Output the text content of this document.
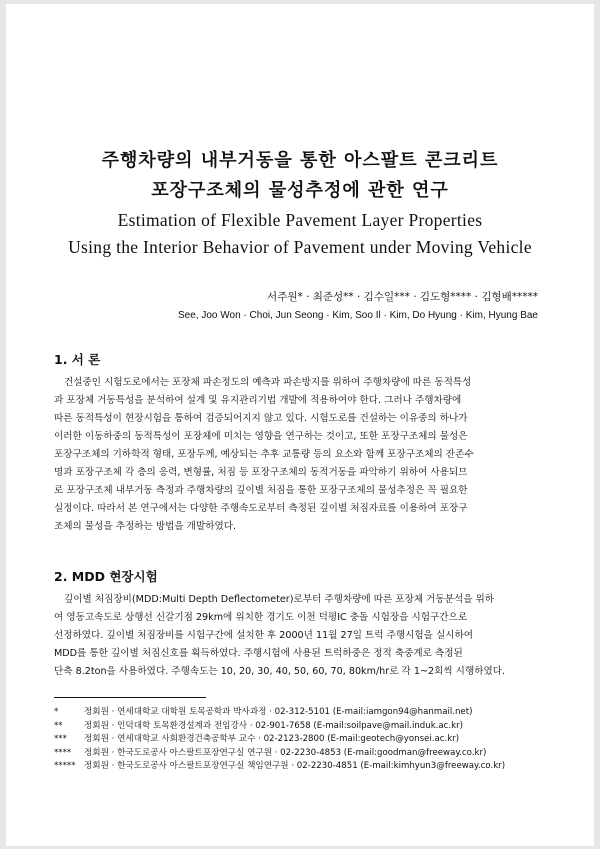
주행차량의 내부거동을 통한 아스팔트 콘크리트
포장구조체의 물성추정에 관한 연구
Estimation of Flexible Pavement Layer Properties
Using the Interior Behavior of Pavement under Moving Vehicle
서주원* · 최준성** · 김수일*** · 김도형**** · 김형배*****
See, Joo Won · Choi, Jun Seong · Kim, Soo Il · Kim, Do Hyung · Kim, Hyung Bae
1. 서 론

건설중인 시험도로에서는 포장체 파손정도의 예측과 파손방지를 위하여 주행차량에 따른 동적특성

과 포장체 거동특성을 분석하여 설계 및 유지관리기법 개발에 적용하여야 한다. 그러나 주행차량에

따른 동적특성이 현장시험을 통하여 검증되어지지 않고 있다. 시험도로를 건설하는 이유중의 하나가

이러한 이동하중의 동적특성이 포장체에 미치는 영향을 연구하는 것이고, 또한 포장구조체의 물성은

포장구조체의 기하학적 형태, 포장두께, 예상되는 추후 교통량 등의 요소와 함께 포장구조체의 잔존수

명과 포장구조체 각 층의 응력, 변형률, 처짐 등 포장구조체의 동적거동을 파악하기 위하여 사용되므

로 포장구조체 내부거동 측정과 주행차량의 깊이별 처짐을 통한 포장구조체의 물성추정은 꼭 필요한

실정이다. 따라서 본 연구에서는 다양한 주행속도로부터 측정된 깊이별 처짐자료를 이용하여 포장구

조체의 물성을 추정하는 방법을 개발하였다.

2. MDD 현장시험

깊이별 처짐장비(MDD:Multi Depth Deflectometer)로부터 주행차량에 따른 포장체 거동분석을 위하

여 영동고속도로 상행선 신갈기점 29km에 위치한 경기도 이천 덕평IC 충돌 시험장을 시험구간으로

선정하였다. 깊이별 처짐장비를 시험구간에 설치한 후 2000년 11월 27일 트럭 주행시험을 실시하여

MDD를 통한 깊이별 처짐신호를 획득하였다. 주행시험에 사용된 트럭하중은 정적 축중계로 측정된

단축 8.2ton을 사용하였다. 주행속도는 10, 20, 30, 40, 50, 60, 70, 80km/hr로 각 1~2회씩 시행하였다.

*	정회원 · 연세대학교 대학원 토목공학과 박사과정 · 02-312-5101 (E-mail:iamgon94@hanmail.net)
** 정회원 · 인덕대학 토목환경설계과 전임강사 · 02-901-7658 (E-mail:soilpave@mail.induk.ac.kr)
*** 정회원 · 연세대학교 사회환경건축공학부 교수 · 02-2123-2800 (E-mail:geotech@yonsei.ac.kr)
**** 정회원 · 한국도로공사 아스팔트포장연구실 연구원 · 02-2230-4853 (E-mail:goodman@freeway.co.kr)
***** 정회원 · 한국도로공사 아스팔트포장연구실 책임연구원 · 02-2230-4851 (E-mail:kimhyun3@freeway.co.kr)
